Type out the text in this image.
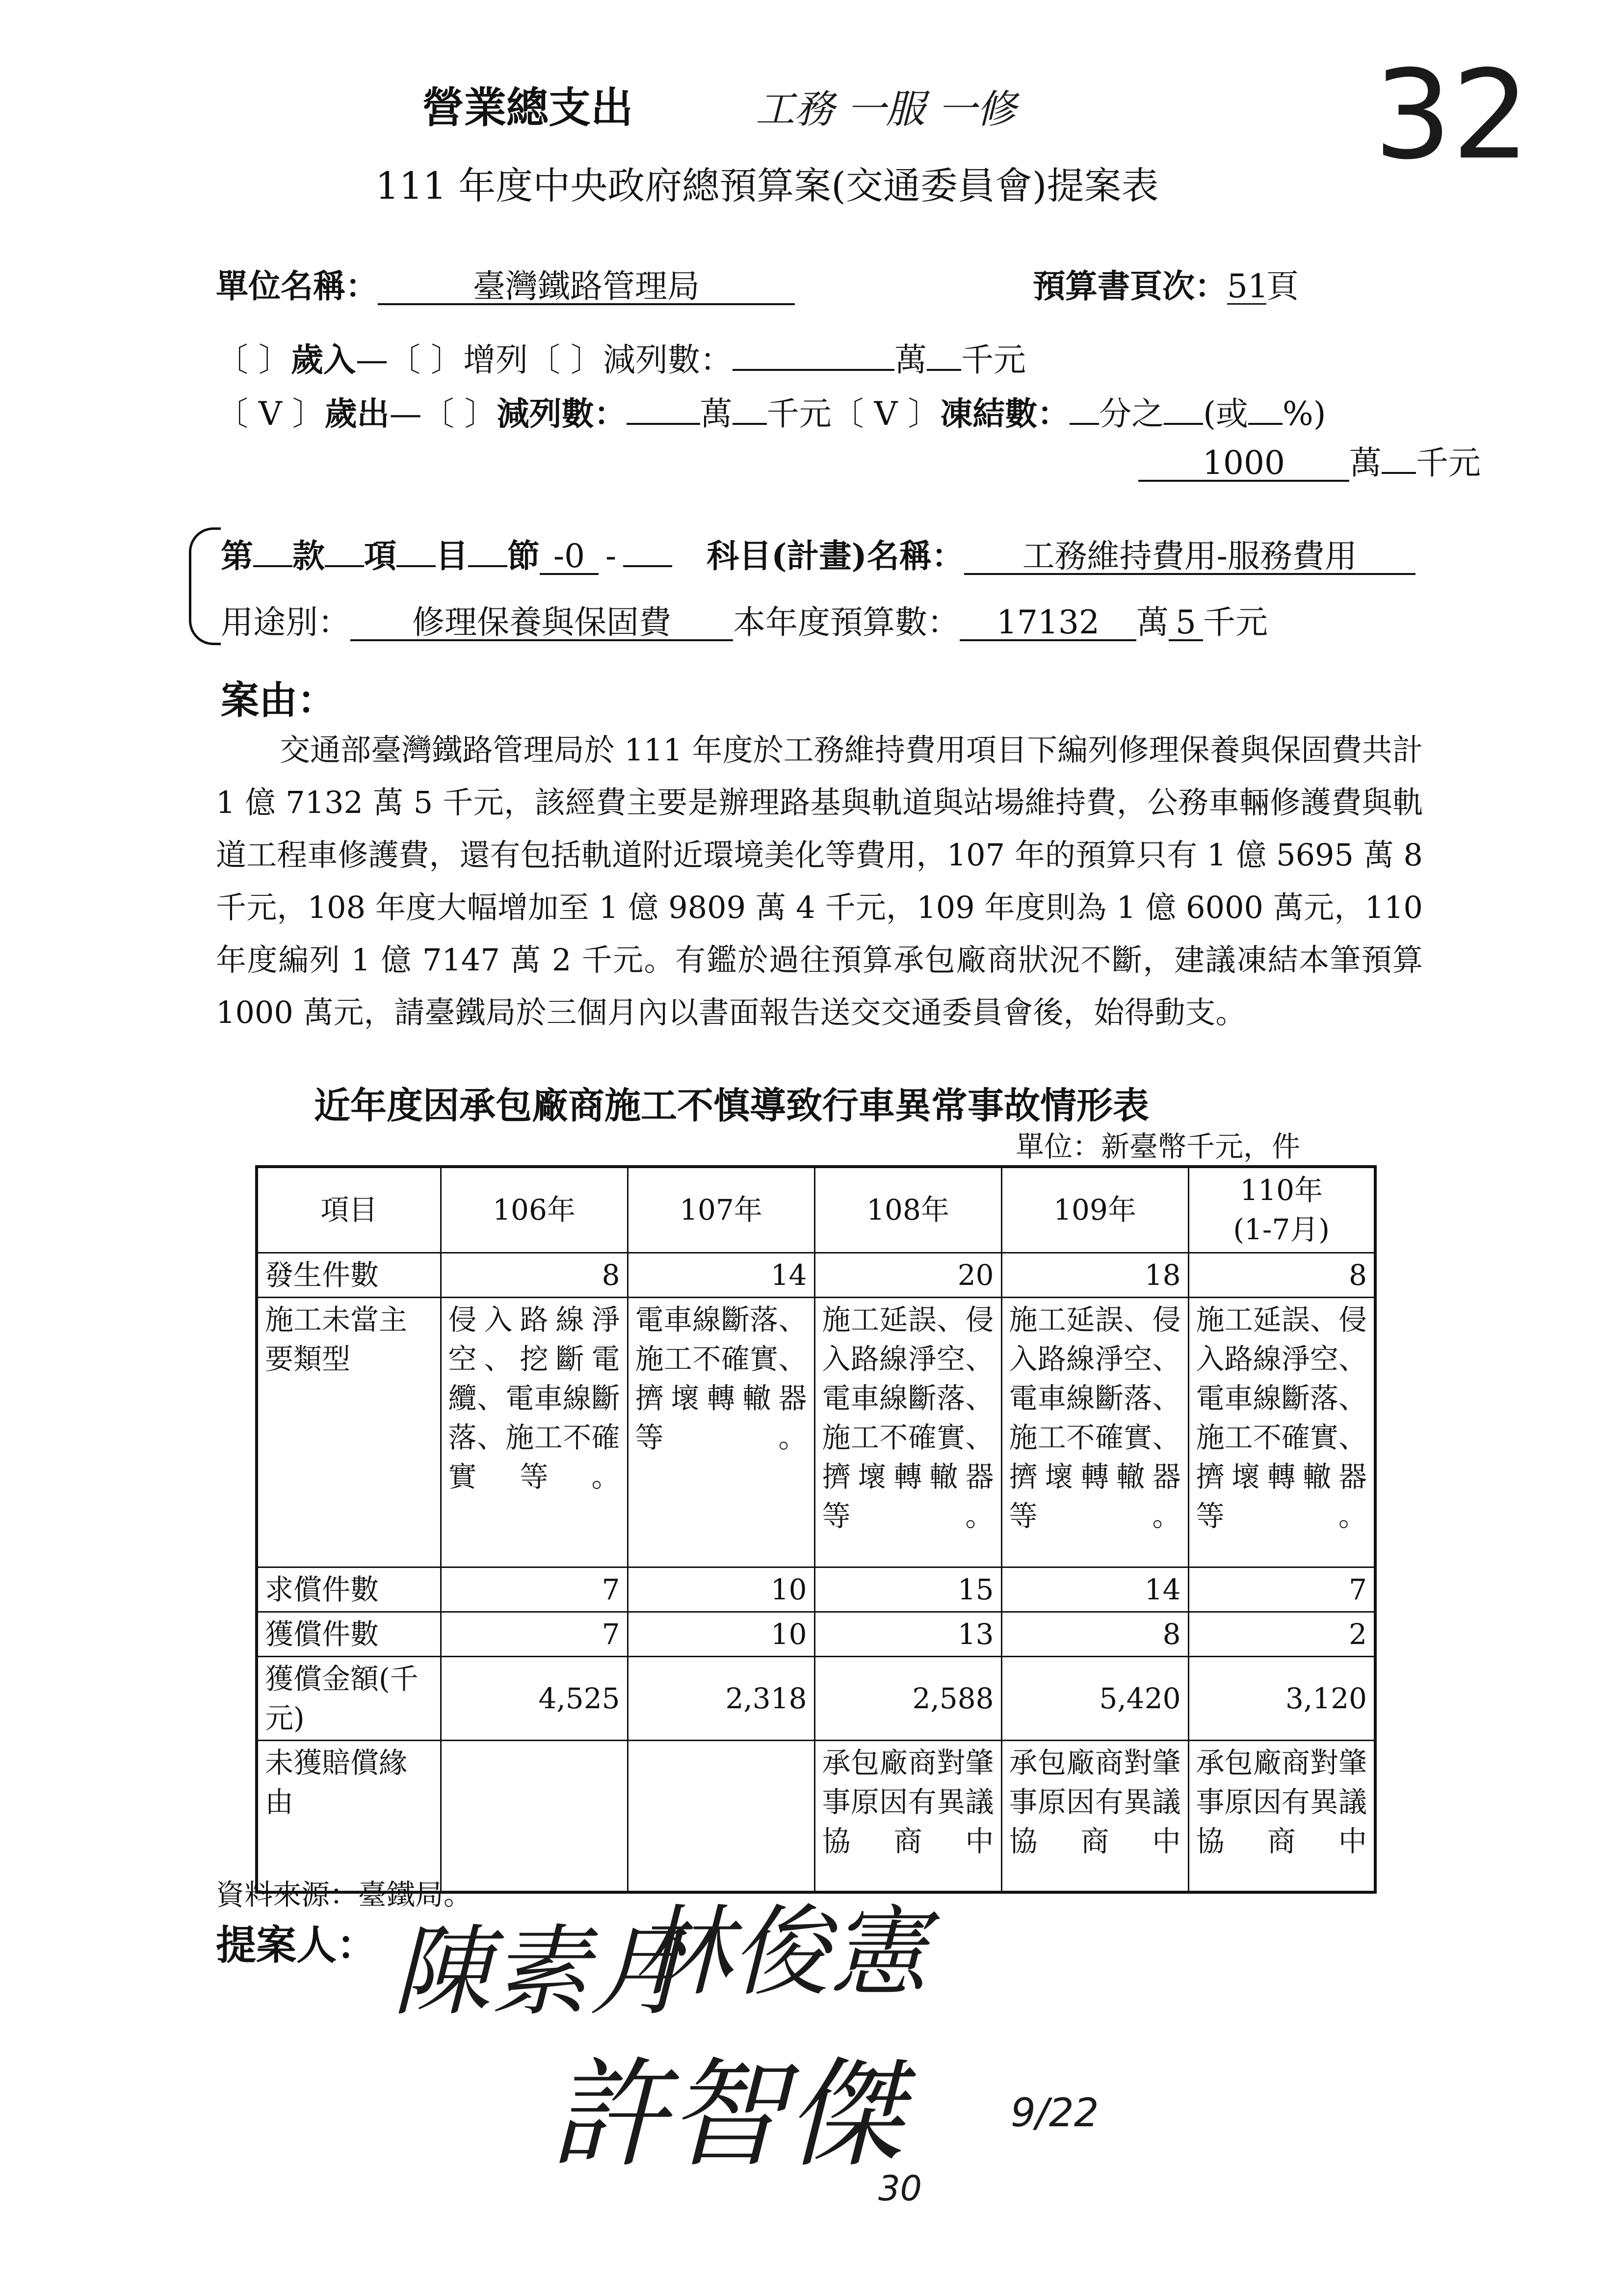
營業總支出	工務 一服 一修	32
111 年度中央政府總預算案(交通委員會)提案表
單位名稱：	臺灣鐵路管理局	預算書頁次：51頁
〔 〕歲入—〔 〕增列〔 〕減列數：	萬 千元
〔 V 〕歲出—〔 〕減列數： 萬 千元〔 V 〕凍結數： 分之 (或 %)
1000 萬 千元
第 款 項 目 節 -0 -	科目(計畫)名稱： 工務維持費用-服務費用
用途別： 修理保養與保固費 本年度預算數： 17132 萬 5 千元
案由：

交通部臺灣鐵路管理局於 111 年度於工務維持費用項目下編列修理保養與保固費共計 1 億 7132 萬 5 千元，該經費主要是辦理路基與軌道與站場維持費，公務車輛修護費與軌道工程車修護費，還有包括軌道附近環境美化等費用，107 年的預算只有 1 億 5695 萬 8 千元，108 年度大幅增加至 1 億 9809 萬 4 千元，109 年度則為 1 億 6000 萬元，110 年度編列 1 億 7147 萬 2 千元。有鑑於過往預算承包廠商狀況不斷，建議凍結本筆預算 1000 萬元，請臺鐵局於三個月內以書面報告送交交通委員會後，始得動支。

近年度因承包廠商施工不慎導致行車異常事故情形表
單位：新臺幣千元，件
項目	106年	107年	108年	109年	110年
(1-7月)

發生件數	8	14	20	18	8
施工未當主要類型	侵入路線淨空、挖斷電纜、電車線斷落、施工不確實等。	電車線斷落、施工不確實、擠壞轉轍器等。	施工延誤、侵入路線淨空、電車線斷落、施工不確實、擠壞轉轍器等。	施工延誤、侵入路線淨空、電車線斷落、施工不確實、擠壞轉轍器等。	施工延誤、侵入路線淨空、電車線斷落、施工不確實、擠壞轉轍器等。
求償件數	7	10	15	14	7
獲償件數	7	10	13	8	2
獲償金額(千元)	4,525	2,318	2,588	5,420	3,120
未獲賠償緣由			承包廠商對肇事原因有異議協商中	承包廠商對肇事原因有異議協商中	承包廠商對肇事原因有異議協商中
資料來源：臺鐵局。
提案人： 陳素月
林俊憲
許智傑	9/22
30
